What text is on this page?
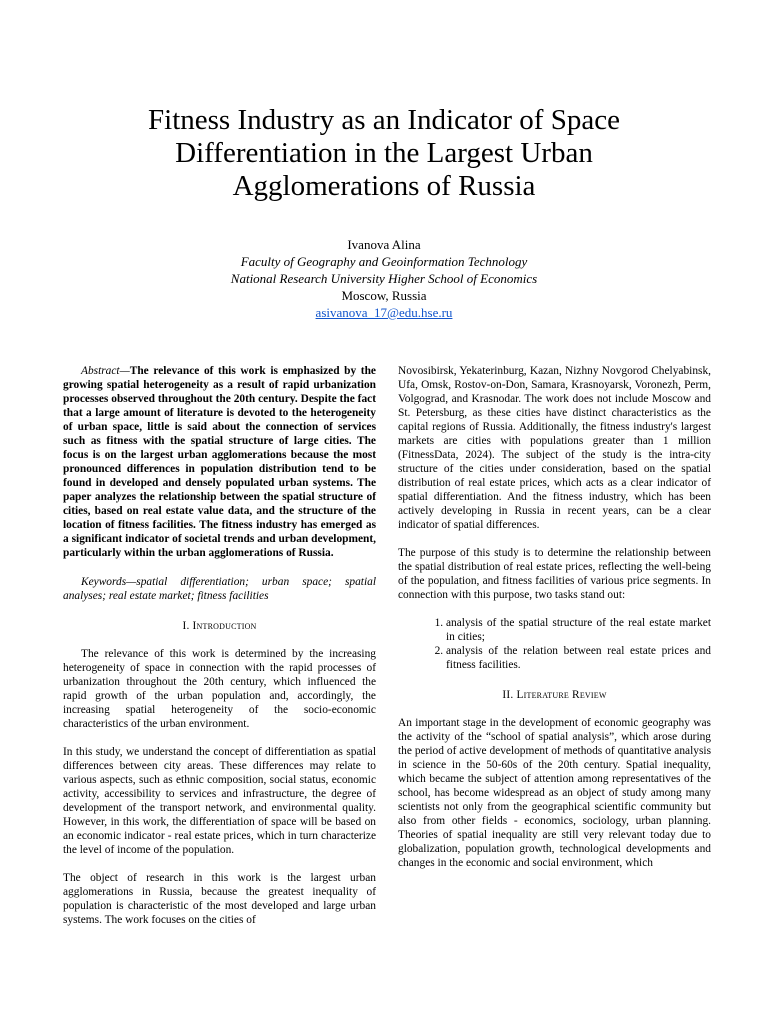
Fitness Industry as an Indicator of Space Differentiation in the Largest Urban Agglomerations of Russia
Ivanova Alina
Faculty of Geography and Geoinformation Technology
National Research University Higher School of Economics
Moscow, Russia
asivanova_17@edu.hse.ru

Abstract—The relevance of this work is emphasized by the growing spatial heterogeneity as a result of rapid urbanization processes observed throughout the 20th century. Despite the fact that a large amount of literature is devoted to the heterogeneity of urban space, little is said about the connection of services such as fitness with the spatial structure of large cities. The focus is on the largest urban agglomerations because the most pronounced differences in population distribution tend to be found in developed and densely populated urban systems. The paper analyzes the relationship between the spatial structure of cities, based on real estate value data, and the structure of the location of fitness facilities. The fitness industry has emerged as a significant indicator of societal trends and urban development, particularly within the urban agglomerations of Russia.

Keywords—spatial differentiation; urban space; spatial analyses; real estate market; fitness facilities

I. Introduction

The relevance of this work is determined by the increasing heterogeneity of space in connection with the rapid processes of urbanization throughout the 20th century, which influenced the rapid growth of the urban population and, accordingly, the increasing spatial heterogeneity of the socio-economic characteristics of the urban environment.

In this study, we understand the concept of differentiation as spatial differences between city areas. These differences may relate to various aspects, such as ethnic composition, social status, economic activity, accessibility to services and infrastructure, the degree of development of the transport network, and environmental quality. However, in this work, the differentiation of space will be based on an economic indicator - real estate prices, which in turn characterize the level of income of the population.

The object of research in this work is the largest urban agglomerations in Russia, because the greatest inequality of population is characteristic of the most developed and large urban systems. The work focuses on the cities of

Novosibirsk, Yekaterinburg, Kazan, Nizhny Novgorod Chelyabinsk, Ufa, Omsk, Rostov-on-Don, Samara, Krasnoyarsk, Voronezh, Perm, Volgograd, and Krasnodar. The work does not include Moscow and St. Petersburg, as these cities have distinct characteristics as the capital regions of Russia. Additionally, the fitness industry's largest markets are cities with populations greater than 1 million (FitnessData, 2024). The subject of the study is the intra-city structure of the cities under consideration, based on the spatial distribution of real estate prices, which acts as a clear indicator of spatial differentiation. And the fitness industry, which has been actively developing in Russia in recent years, can be a clear indicator of spatial differences.

The purpose of this study is to determine the relationship between the spatial distribution of real estate prices, reflecting the well-being of the population, and fitness facilities of various price segments. In connection with this purpose, two tasks stand out:

1. analysis of the spatial structure of the real estate market in cities;
2. analysis of the relation between real estate prices and fitness facilities.

II. Literature Review

An important stage in the development of economic geography was the activity of the “school of spatial analysis”, which arose during the period of active development of methods of quantitative analysis in science in the 50-60s of the 20th century. Spatial inequality, which became the subject of attention among representatives of the school, has become widespread as an object of study among many scientists not only from the geographical scientific community but also from other fields - economics, sociology, urban planning. Theories of spatial inequality are still very relevant today due to globalization, population growth, technological developments and changes in the economic and social environment, which
